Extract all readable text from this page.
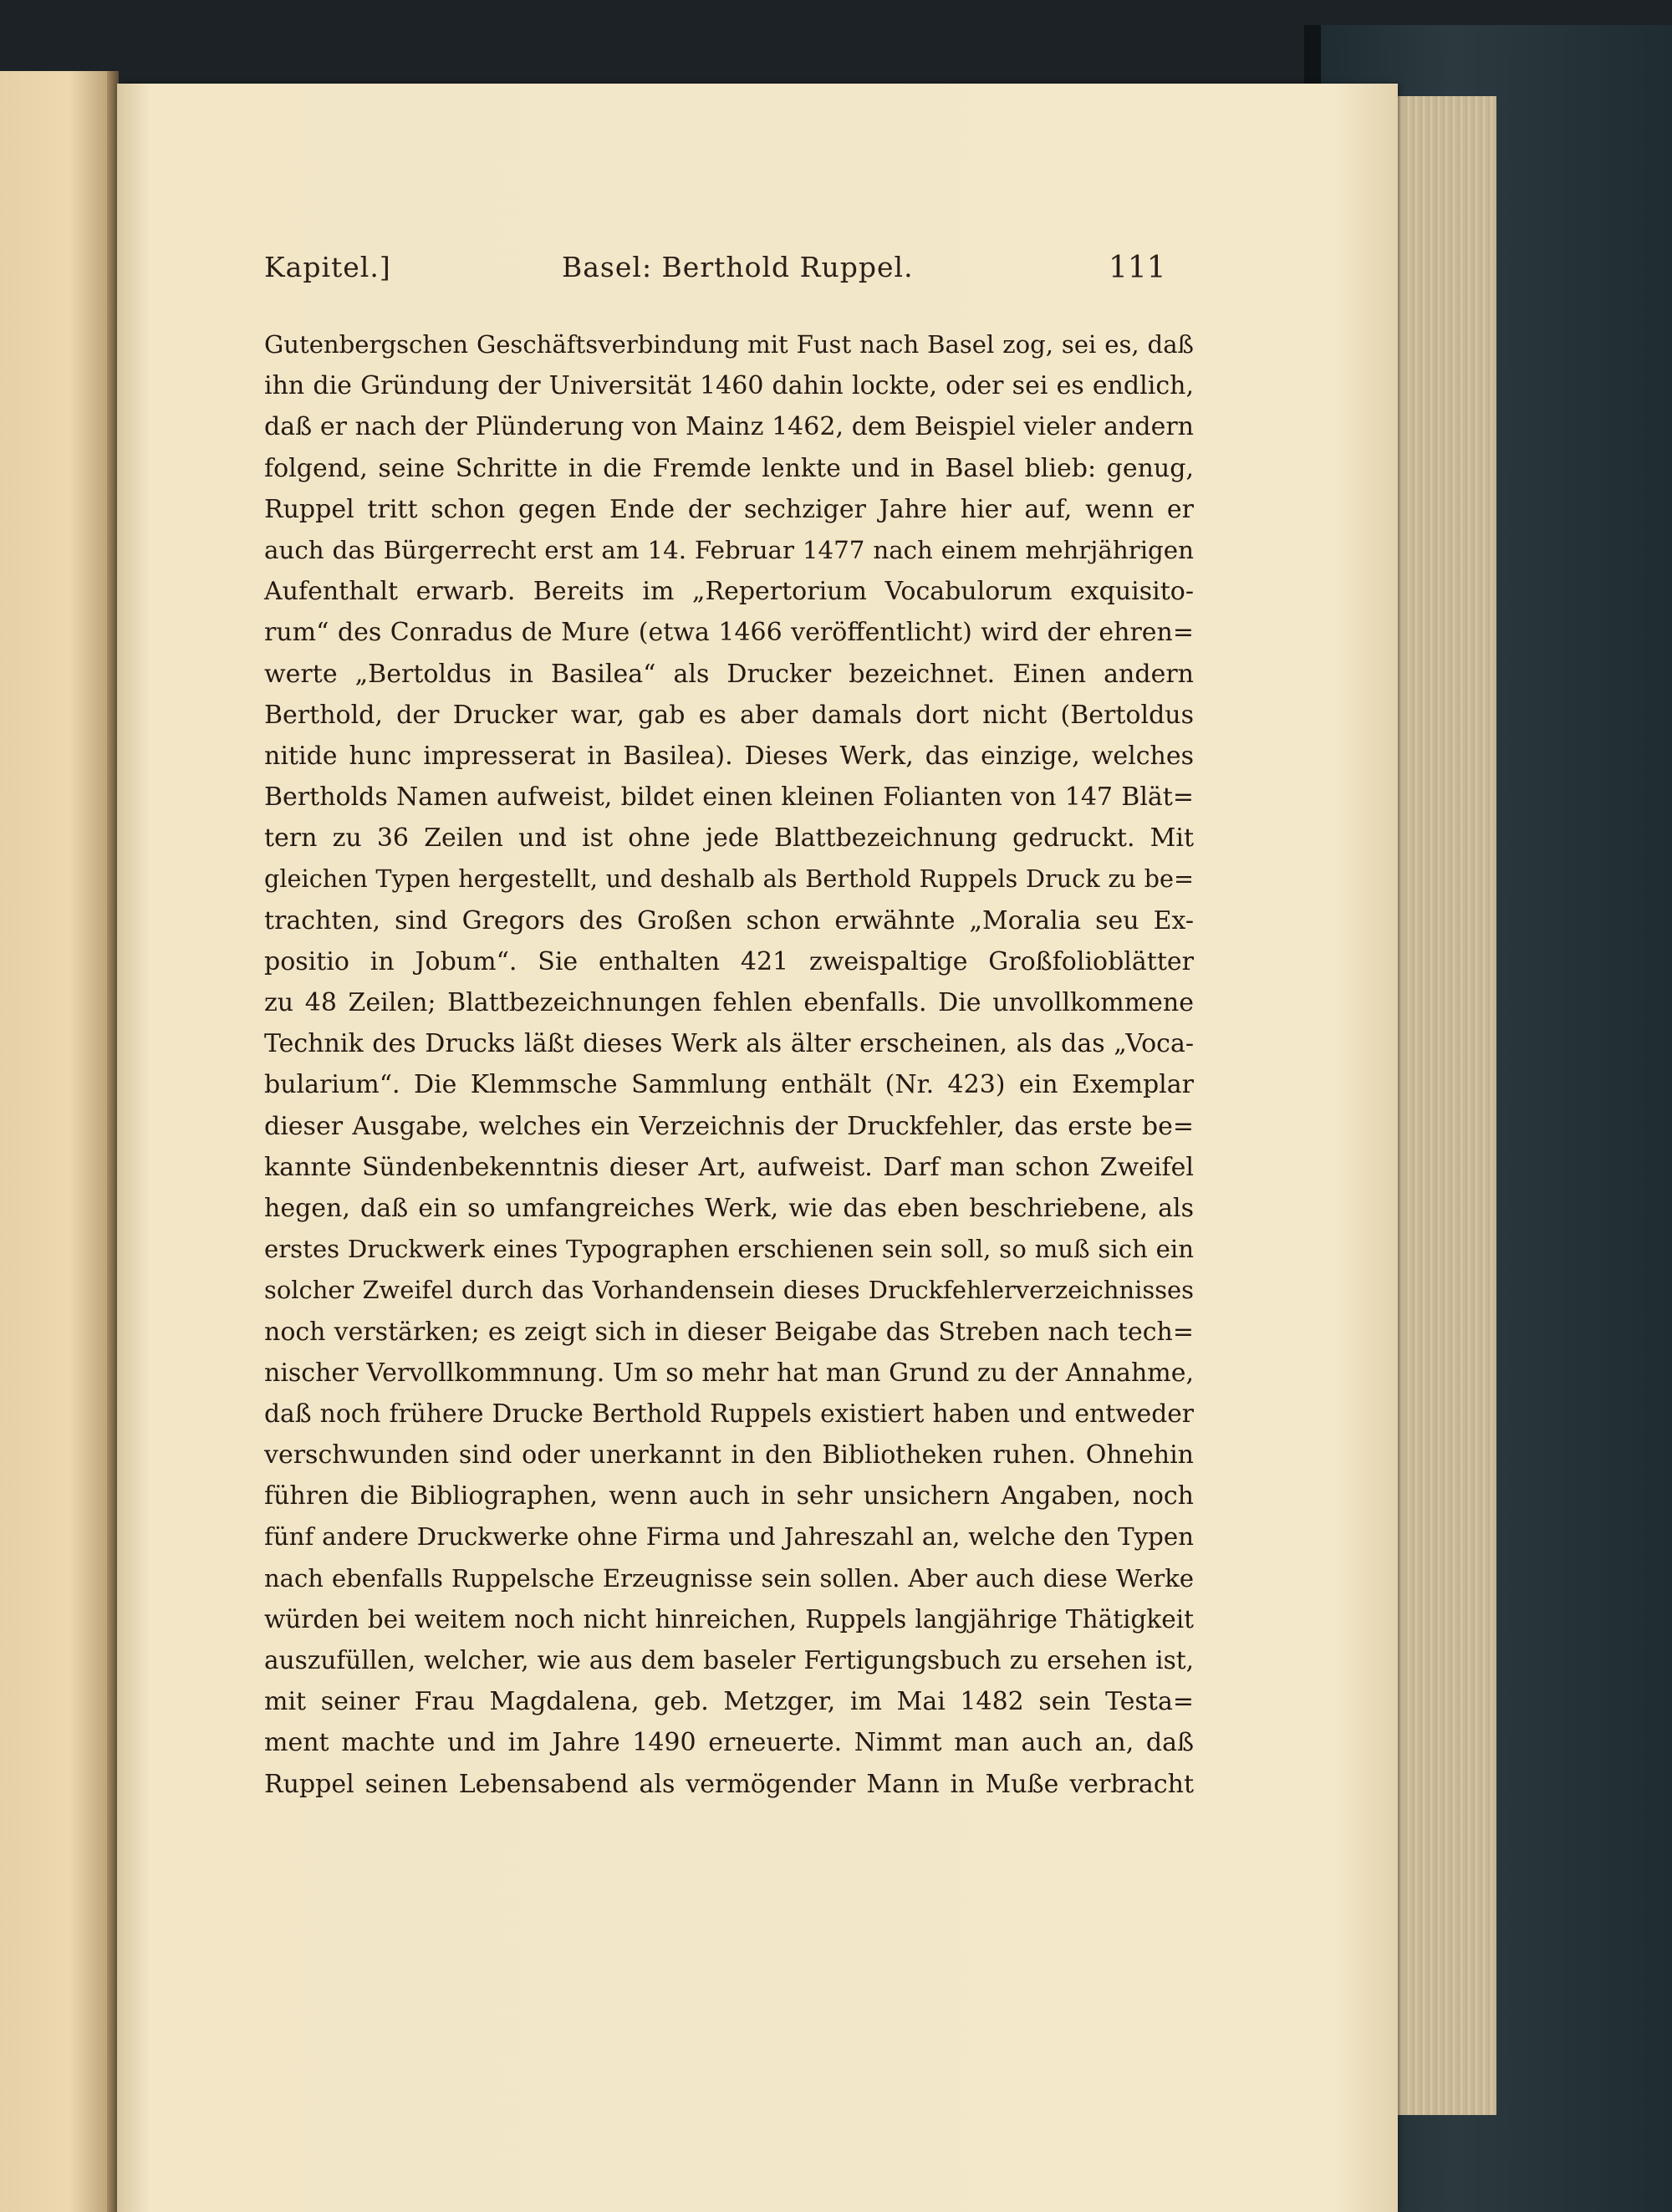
Kapitel.]	Basel: Berthold Ruppel.	111
Gutenbergschen Geschäftsverbindung mit Fust nach Basel zog, sei es, daß
ihn die Gründung der Universität 1460 dahin lockte, oder sei es endlich,
daß er nach der Plünderung von Mainz 1462, dem Beispiel vieler andern
folgend, seine Schritte in die Fremde lenkte und in Basel blieb: genug,
Ruppel tritt schon gegen Ende der sechziger Jahre hier auf, wenn er
auch das Bürgerrecht erst am 14. Februar 1477 nach einem mehrjährigen
Aufenthalt erwarb. Bereits im „Repertorium Vocabulorum exquisito-
rum“ des Conradus de Mure (etwa 1466 veröffentlicht) wird der ehren=
werte „Bertoldus in Basilea“ als Drucker bezeichnet. Einen andern
Berthold, der Drucker war, gab es aber damals dort nicht (Bertoldus
nitide hunc impresserat in Basilea). Dieses Werk, das einzige, welches
Bertholds Namen aufweist, bildet einen kleinen Folianten von 147 Blät=
tern zu 36 Zeilen und ist ohne jede Blattbezeichnung gedruckt. Mit
gleichen Typen hergestellt, und deshalb als Berthold Ruppels Druck zu be=
trachten, sind Gregors des Großen schon erwähnte „Moralia seu Ex-
positio in Jobum“. Sie enthalten 421 zweispaltige Großfolioblätter
zu 48 Zeilen; Blattbezeichnungen fehlen ebenfalls. Die unvollkommene
Technik des Drucks läßt dieses Werk als älter erscheinen, als das „Voca-
bularium“. Die Klemmsche Sammlung enthält (Nr. 423) ein Exemplar
dieser Ausgabe, welches ein Verzeichnis der Druckfehler, das erste be=
kannte Sündenbekenntnis dieser Art, aufweist. Darf man schon Zweifel
hegen, daß ein so umfangreiches Werk, wie das eben beschriebene, als
erstes Druckwerk eines Typographen erschienen sein soll, so muß sich ein
solcher Zweifel durch das Vorhandensein dieses Druckfehlerverzeichnisses
noch verstärken; es zeigt sich in dieser Beigabe das Streben nach tech=
nischer Vervollkommnung. Um so mehr hat man Grund zu der Annahme,
daß noch frühere Drucke Berthold Ruppels existiert haben und entweder
verschwunden sind oder unerkannt in den Bibliotheken ruhen. Ohnehin
führen die Bibliographen, wenn auch in sehr unsichern Angaben, noch
fünf andere Druckwerke ohne Firma und Jahreszahl an, welche den Typen
nach ebenfalls Ruppelsche Erzeugnisse sein sollen. Aber auch diese Werke
würden bei weitem noch nicht hinreichen, Ruppels langjährige Thätigkeit
auszufüllen, welcher, wie aus dem baseler Fertigungsbuch zu ersehen ist,
mit seiner Frau Magdalena, geb. Metzger, im Mai 1482 sein Testa=
ment machte und im Jahre 1490 erneuerte. Nimmt man auch an, daß
Ruppel seinen Lebensabend als vermögender Mann in Muße verbracht
